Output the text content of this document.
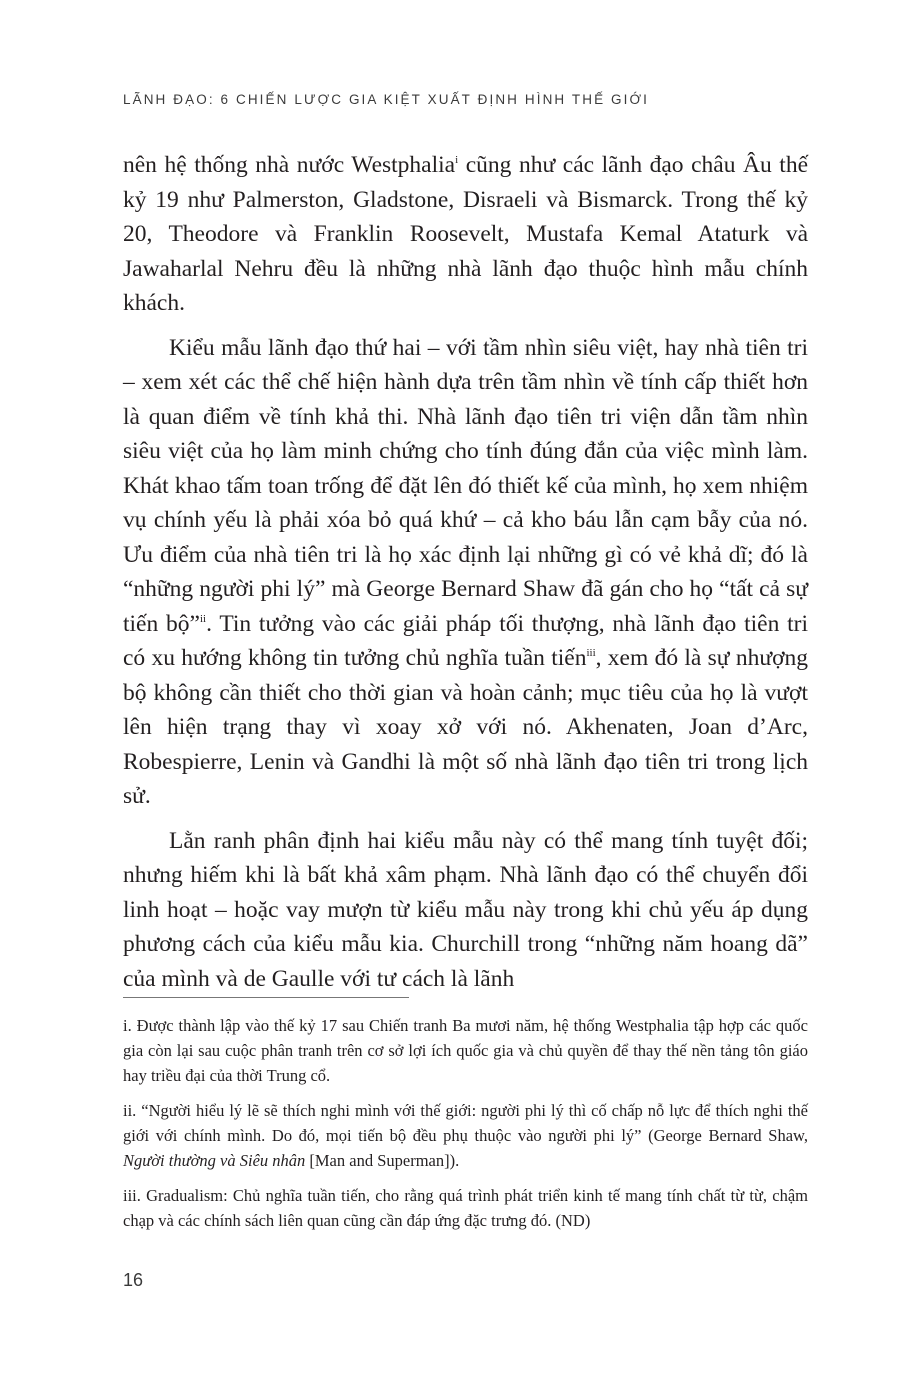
LÃNH ĐẠO: 6 CHIẾN LƯỢC GIA KIỆT XUẤT ĐỊNH HÌNH THẾ GIỚI

nên hệ thống nhà nước Westphalia$^i$ cũng như các lãnh đạo châu Âu thế kỷ 19 như Palmerston, Gladstone, Disraeli và Bismarck. Trong thế kỷ 20, Theodore và Franklin Roosevelt, Mustafa Kemal Ataturk và Jawaharlal Nehru đều là những nhà lãnh đạo thuộc hình mẫu chính khách.

Kiểu mẫu lãnh đạo thứ hai – với tầm nhìn siêu việt, hay nhà tiên tri – xem xét các thể chế hiện hành dựa trên tầm nhìn về tính cấp thiết hơn là quan điểm về tính khả thi. Nhà lãnh đạo tiên tri viện dẫn tầm nhìn siêu việt của họ làm minh chứng cho tính đúng đắn của việc mình làm. Khát khao tấm toan trống để đặt lên đó thiết kế của mình, họ xem nhiệm vụ chính yếu là phải xóa bỏ quá khứ – cả kho báu lẫn cạm bẫy của nó. Ưu điểm của nhà tiên tri là họ xác định lại những gì có vẻ khả dĩ; đó là “những người phi lý” mà George Bernard Shaw đã gán cho họ “tất cả sự tiến bộ”$^{ii}$. Tin tưởng vào các giải pháp tối thượng, nhà lãnh đạo tiên tri có xu hướng không tin tưởng chủ nghĩa tuần tiến$^{iii}$, xem đó là sự nhượng bộ không cần thiết cho thời gian và hoàn cảnh; mục tiêu của họ là vượt lên hiện trạng thay vì xoay xở với nó. Akhenaten, Joan d’Arc, Robespierre, Lenin và Gandhi là một số nhà lãnh đạo tiên tri trong lịch sử.

Lằn ranh phân định hai kiểu mẫu này có thể mang tính tuyệt đối; nhưng hiếm khi là bất khả xâm phạm. Nhà lãnh đạo có thể chuyển đổi linh hoạt – hoặc vay mượn từ kiểu mẫu này trong khi chủ yếu áp dụng phương cách của kiểu mẫu kia. Churchill trong “những năm hoang dã” của mình và de Gaulle với tư cách là lãnh

i. Được thành lập vào thế kỷ 17 sau Chiến tranh Ba mươi năm, hệ thống Westphalia tập hợp các quốc gia còn lại sau cuộc phân tranh trên cơ sở lợi ích quốc gia và chủ quyền để thay thế nền tảng tôn giáo hay triều đại của thời Trung cổ.

ii. “Người hiểu lý lẽ sẽ thích nghi mình với thế giới: người phi lý thì cố chấp nỗ lực để thích nghi thế giới với chính mình. Do đó, mọi tiến bộ đều phụ thuộc vào người phi lý” (George Bernard Shaw, Người thường và Siêu nhân [Man and Superman]).

iii. Gradualism: Chủ nghĩa tuần tiến, cho rằng quá trình phát triển kinh tế mang tính chất từ từ, chậm chạp và các chính sách liên quan cũng cần đáp ứng đặc trưng đó. (ND)

16
